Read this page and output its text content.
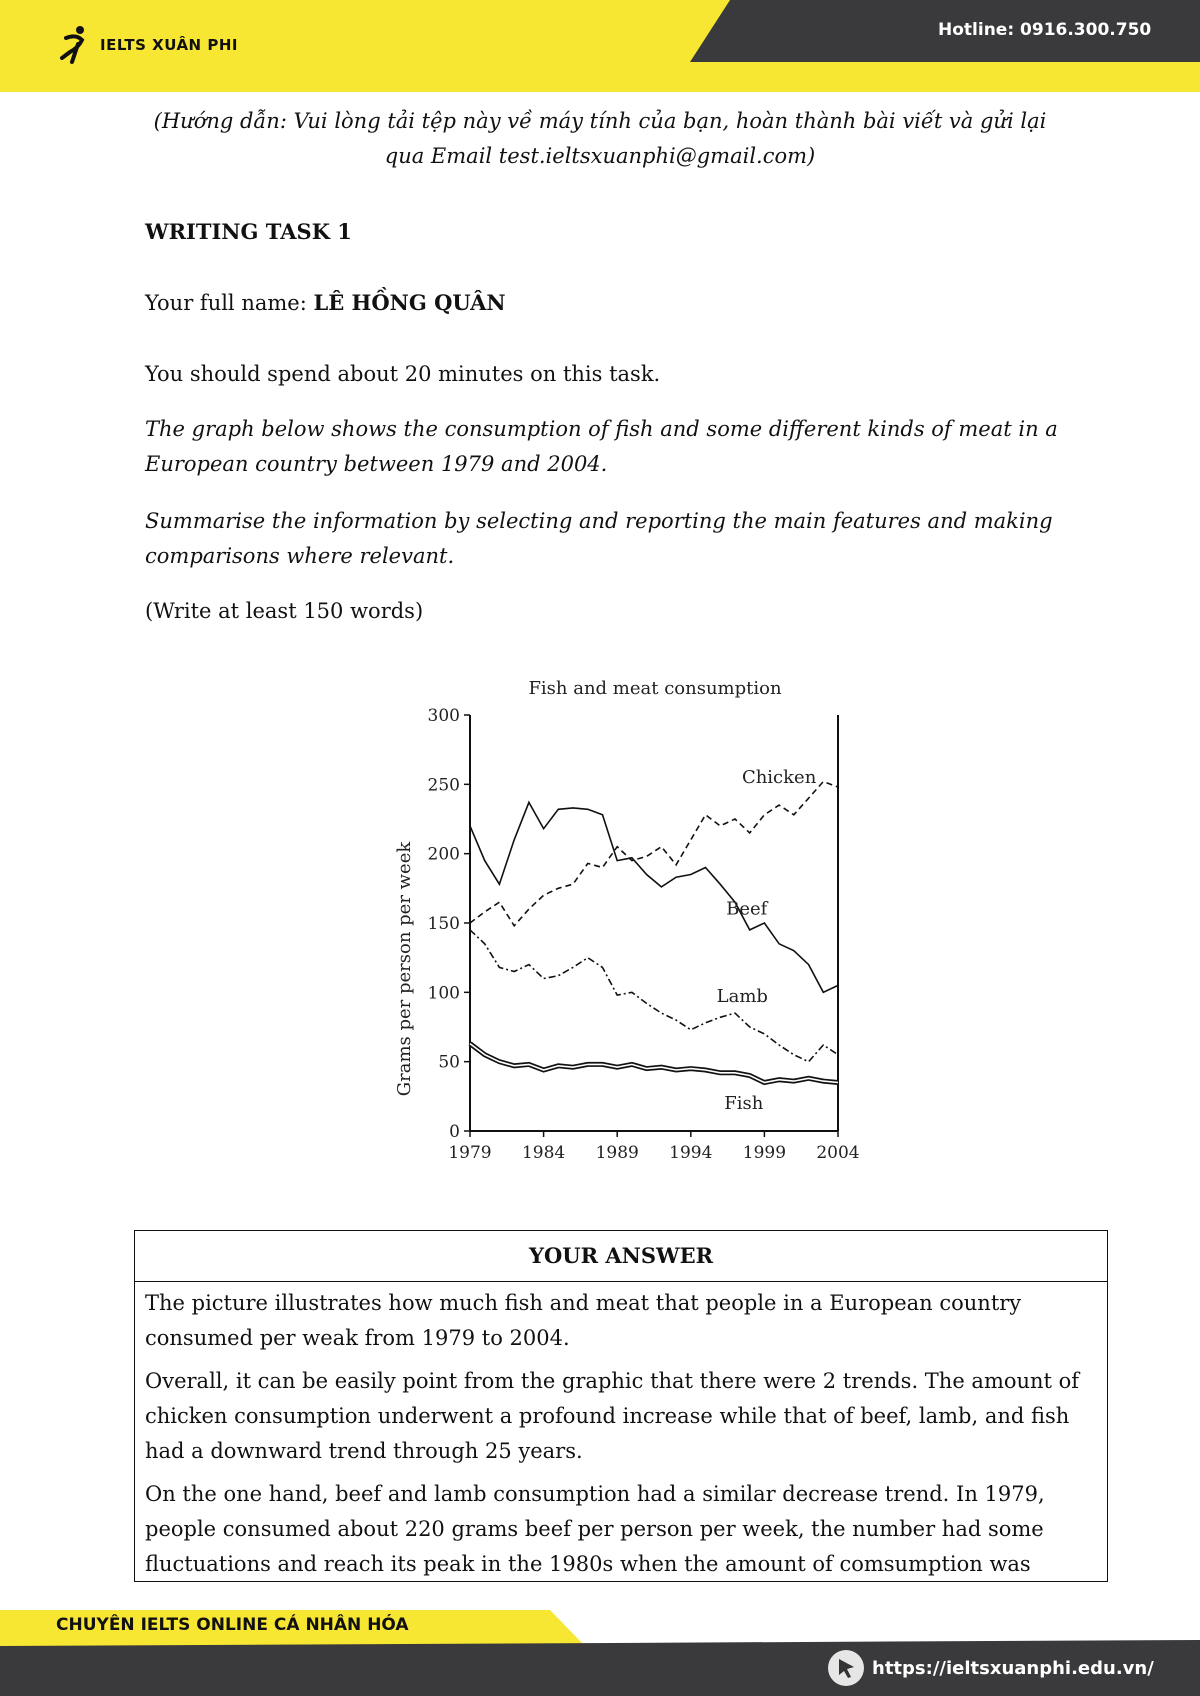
IELTS XUÂN PHI
Hotline: 0916.300.750
(Hướng dẫn: Vui lòng tải tệp này về máy tính của bạn, hoàn thành bài viết và gửi lại
qua Email test.ieltsxuanphi@gmail.com)
WRITING TASK 1
Your full name: LÊ HỒNG QUÂN
You should spend about 20 minutes on this task.
The graph below shows the consumption of fish and some different kinds of meat in a European country between 1979 and 2004.
Summarise the information by selecting and reporting the main features and making comparisons where relevant.
(Write at least 150 words)
Fish and meat consumption
Grams per person per week
0
50
100
150
200
250
300
1979 1984 1989 1994 1999 2004
Chicken
Beef
Lamb
Fish
YOUR ANSWER

The picture illustrates how much fish and meat that people in a European country consumed per weak from 1979 to 2004.

Overall, it can be easily point from the graphic that there were 2 trends. The amount of chicken consumption underwent a profound increase while that of beef, lamb, and fish had a downward trend through 25 years.

On the one hand, beef and lamb consumption had a similar decrease trend. In 1979, people consumed about 220 grams beef per person per week, the number had some fluctuations and reach its peak in the 1980s when the amount of comsumption was

CHUYÊN IELTS ONLINE CÁ NHÂN HÓA
https://ieltsxuanphi.edu.vn/
